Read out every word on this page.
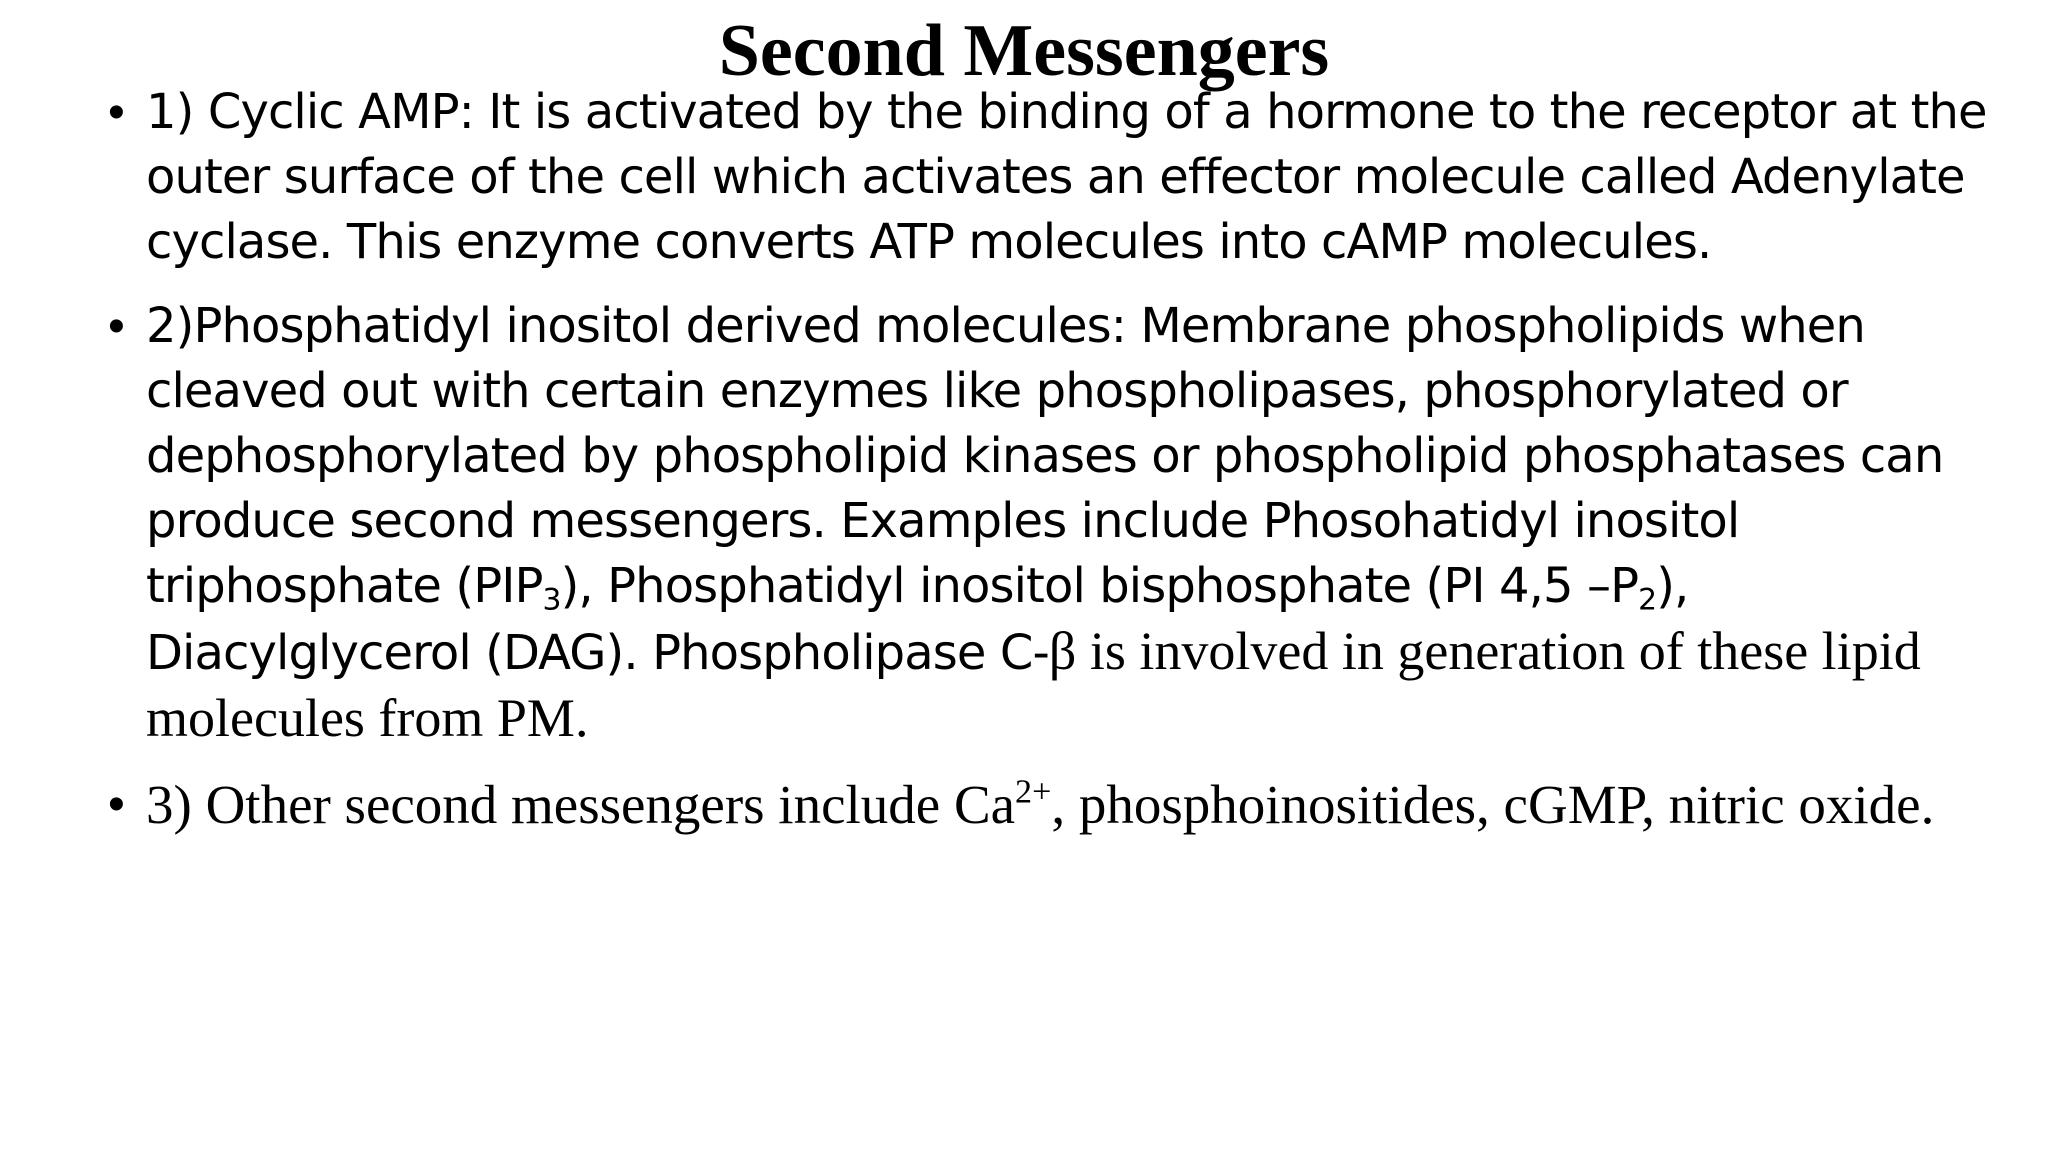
Second Messengers
• 1) Cyclic AMP: It is activated by the binding of a hormone to the receptor at the outer surface of the cell which activates an effector molecule called Adenylate cyclase. This enzyme converts ATP molecules into cAMP molecules.
• 2)Phosphatidyl inositol derived molecules: Membrane phospholipids when cleaved out with certain enzymes like phospholipases, phosphorylated or dephosphorylated by phospholipid kinases or phospholipid phosphatases can produce second messengers. Examples include Phosohatidyl inositol triphosphate $(PIP_3)$, Phosphatidyl inositol bisphosphate (PI 4,5 $-P_2$), Diacylglycerol (DAG). Phospholipase C-β is involved in generation of these lipid molecules from PM.
• 3) Other second messengers include $Ca^{2+}$, phosphoinositides, cGMP, nitric oxide.
